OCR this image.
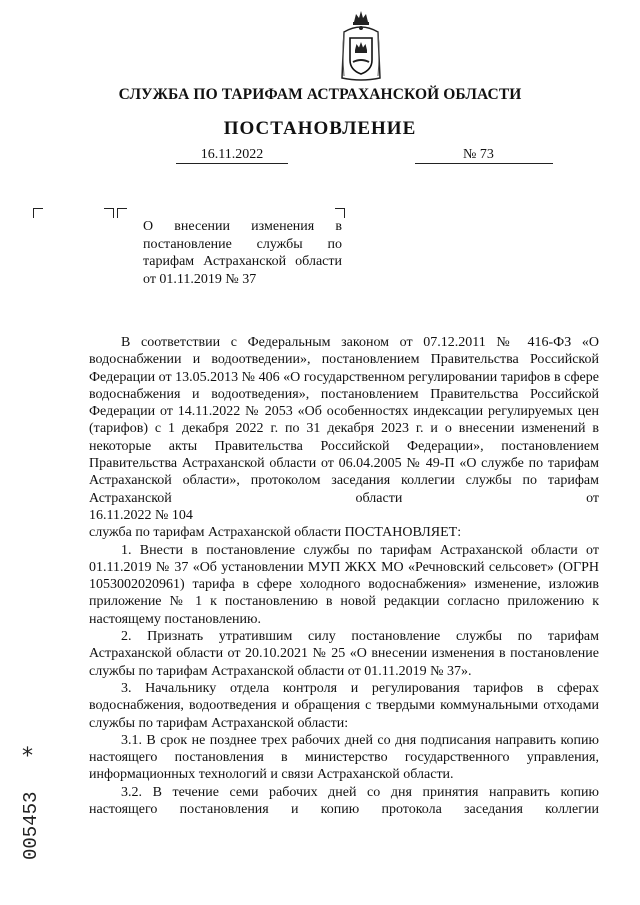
СЛУЖБА ПО ТАРИФАМ АСТРАХАНСКОЙ ОБЛАСТИ
ПОСТАНОВЛЕНИЕ
16.11.2022	№ 73
О внесении изменения в постановление службы по тарифам Астраханской области от 01.11.2019 № 37

В соответствии с Федеральным законом от 07.12.2011 № 416-ФЗ «О водоснабжении и водоотведении», постановлением Правительства Российской Федерации от 13.05.2013 № 406 «О государственном регулировании тарифов в сфере водоснабжения и водоотведения», постановлением Правительства Российской Федерации от 14.11.2022 № 2053 «Об особенностях индексации регулируемых цен (тарифов) с 1 декабря 2022 г. по 31 декабря 2023 г. и о внесении изменений в некоторые акты Правительства Российской Федерации», постановлением Правительства Астраханской области от 06.04.2005 № 49-П «О службе по тарифам Астраханской области», протоколом заседания коллегии службы по тарифам Астраханской области от

16.11.2022 № 104

служба по тарифам Астраханской области ПОСТАНОВЛЯЕТ:

1. Внести в постановление службы по тарифам Астраханской области от 01.11.2019 № 37 «Об установлении МУП ЖКХ МО «Речновский сельсовет» (ОГРН 1053002020961) тарифа в сфере холодного водоснабжения» изменение, изложив приложение № 1 к постановлению в новой редакции согласно приложению к настоящему постановлению.

2. Признать утратившим силу постановление службы по тарифам Астраханской области от 20.10.2021 № 25 «О внесении изменения в постановление службы по тарифам Астраханской области от 01.11.2019 № 37».

3. Начальнику отдела контроля и регулирования тарифов в сферах водоснабжения, водоотведения и обращения с твердыми коммунальными отходами службы по тарифам Астраханской области:

3.1. В срок не позднее трех рабочих дней со дня подписания направить копию настоящего постановления в министерство государственного управления, информационных технологий и связи Астраханской области.

3.2. В течение семи рабочих дней со дня принятия направить копию настоящего постановления и копию протокола заседания коллегии

*
005453
